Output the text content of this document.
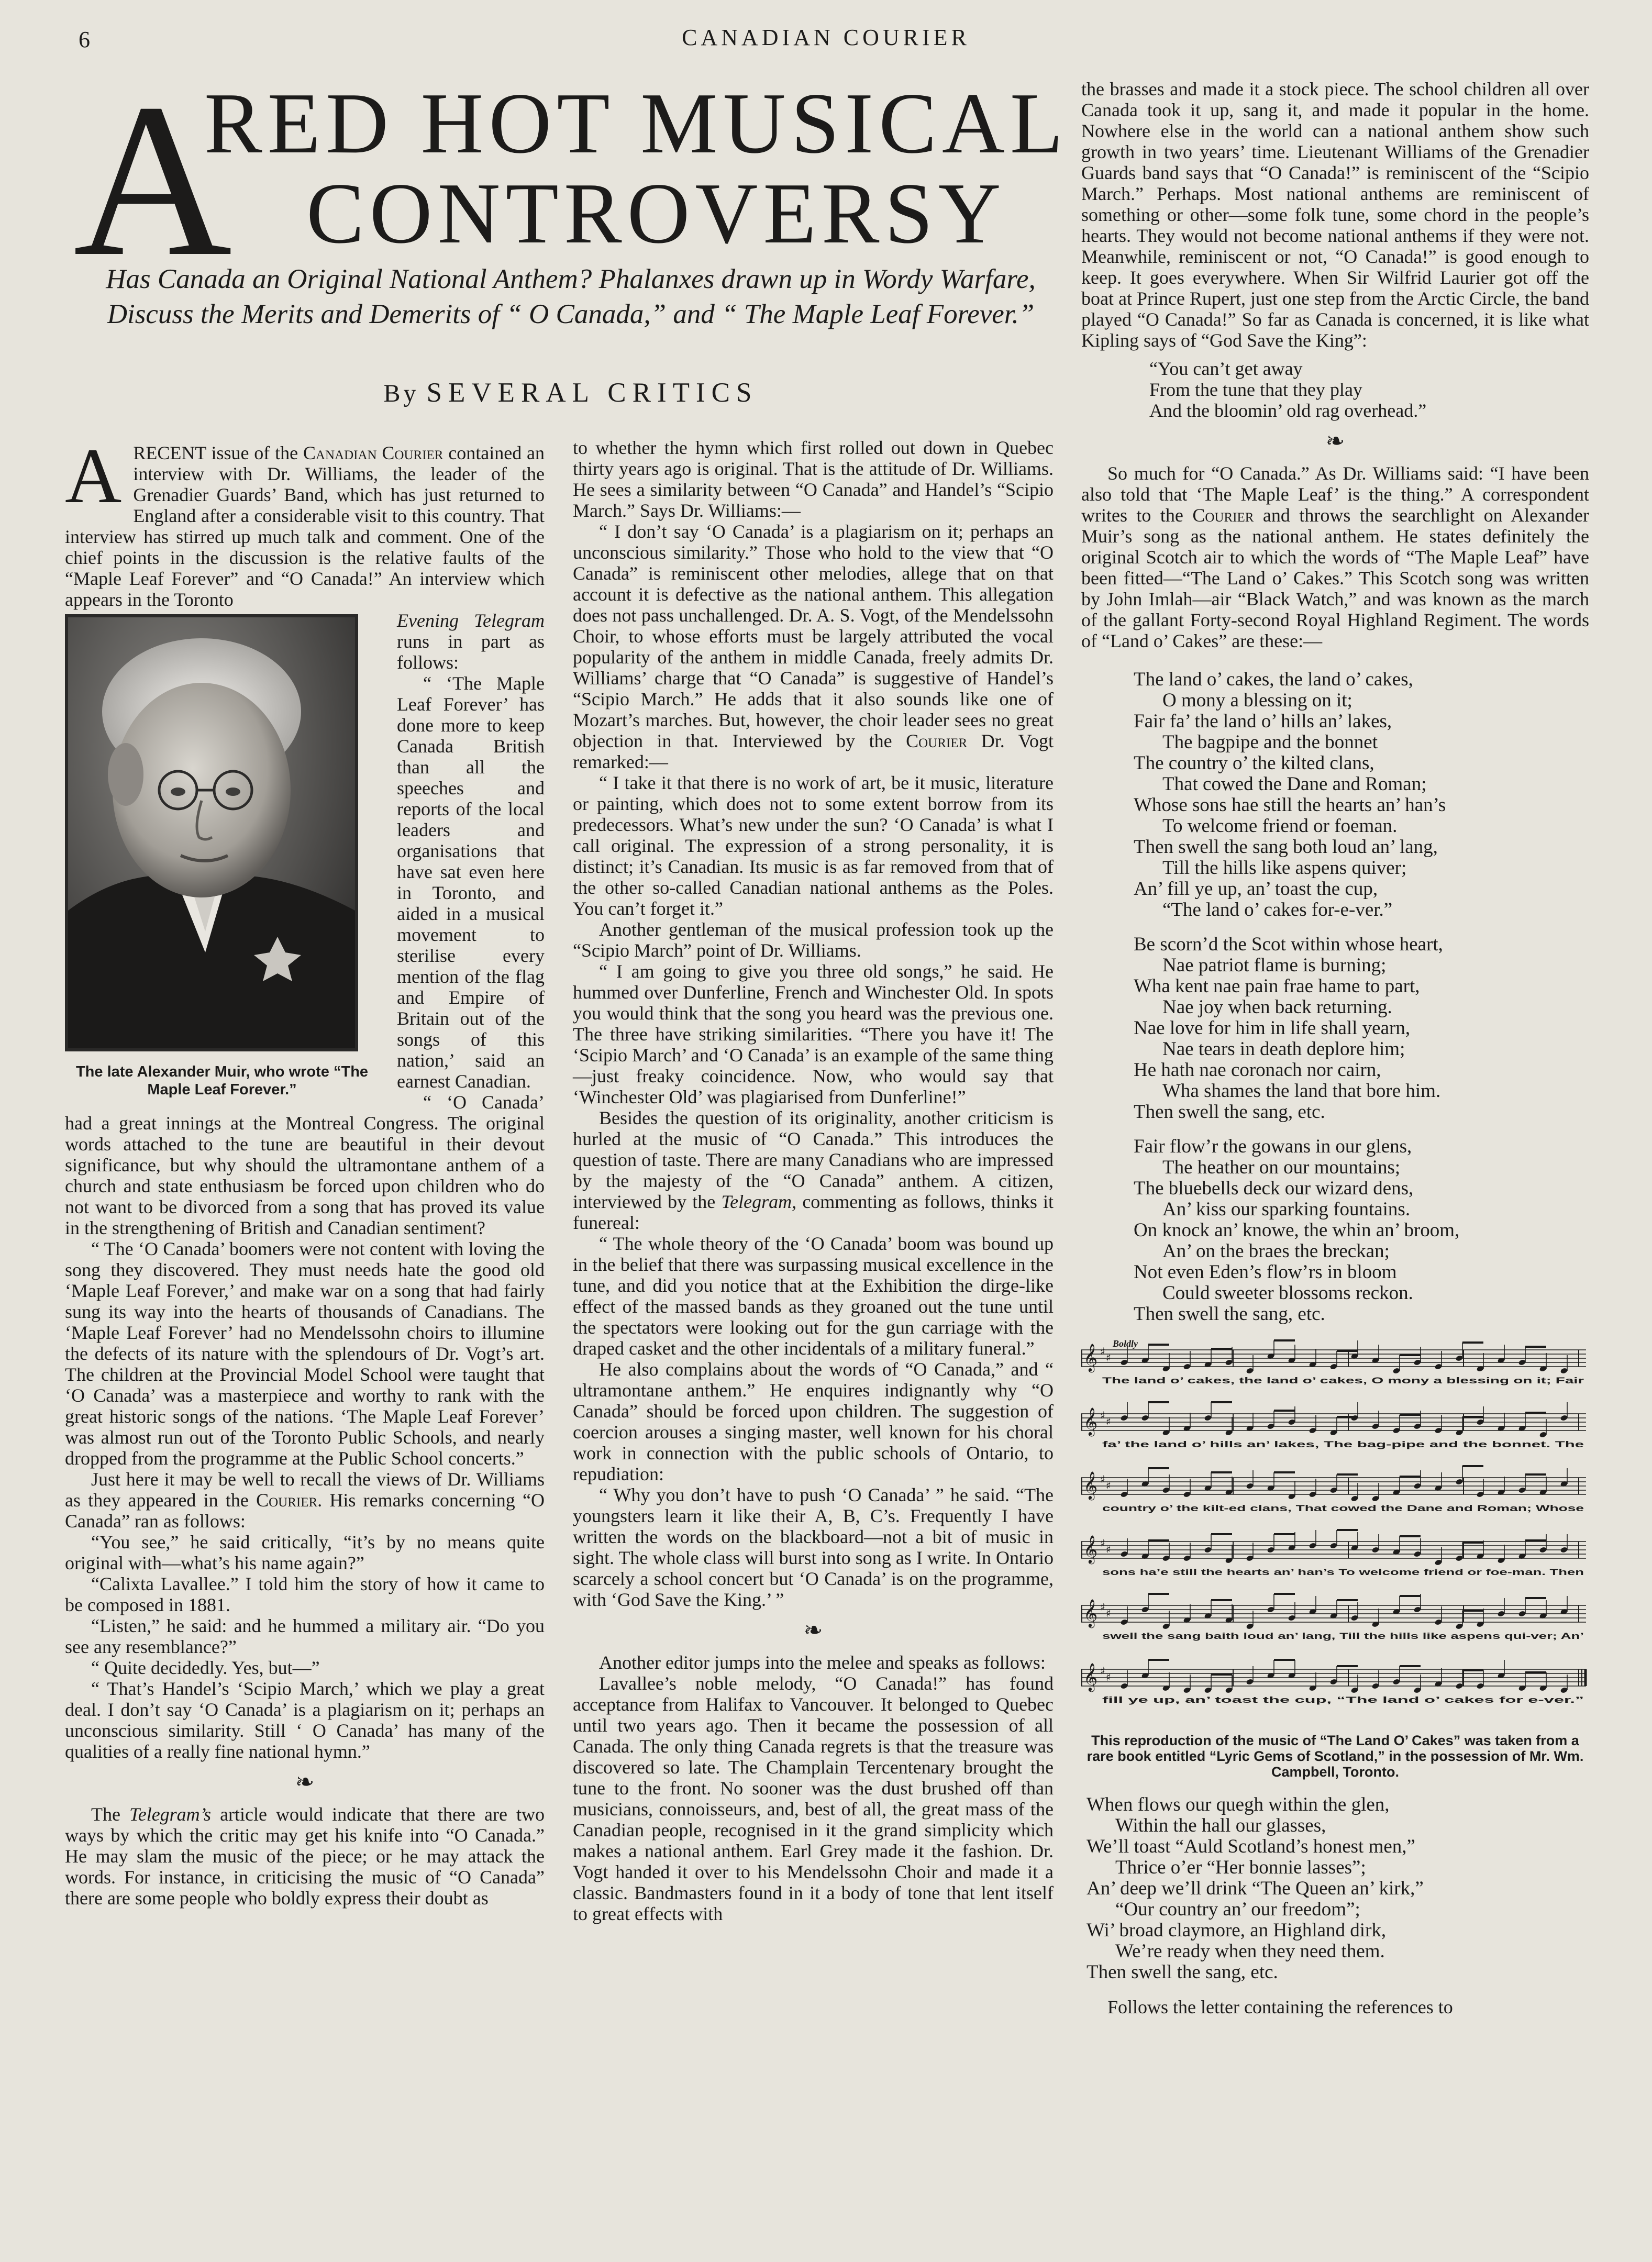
6	CANADIAN COURIER
A
RED HOT MUSICAL
CONTROVERSY
Has Canada an Original National Anthem? Phalanxes drawn up in Wordy Warfare, Discuss the Merits and Demerits of “ O Canada,” and “ The Maple Leaf Forever.”
By SEVERAL CRITICS

ARECENT issue of the Canadian Courier contained an interview with Dr. Williams, the leader of the Grenadier Guards’ Band, which has just returned to England after a considerable visit to this country. That interview has stirred up much talk and comment. One of the chief points in the discussion is the relative faults of the “Maple Leaf Forever” and “O Canada!” An interview which appears in the Toronto

The late Alexander Muir, who wrote “The Maple Leaf Forever.”

Evening Telegram runs in part as follows:

“ ‘The Maple Leaf Forever’ has done more to keep Canada British than all the speeches and reports of the local leaders and organisations that have sat even here in Toronto, and aided in a musical movement to sterilise every mention of the flag and Empire of Britain out of the songs of this nation,’ said an earnest Canadian.

“ ‘O Canada’ had a great innings at the Montreal Congress. The original words attached to the tune are beautiful in their devout significance, but why should the ultramontane anthem of a church and state enthusiasm be forced upon children who do not want to be divorced from a song that has proved its value in the strengthening of British and Canadian sentiment?

“ The ‘O Canada’ boomers were not content with loving the song they discovered. They must needs hate the good old ‘Maple Leaf Forever,’ and make war on a song that had fairly sung its way into the hearts of thousands of Canadians. The ‘Maple Leaf Forever’ had no Mendelssohn choirs to illumine the defects of its nature with the splendours of Dr. Vogt’s art. The children at the Provincial Model School were taught that ‘O Canada’ was a masterpiece and worthy to rank with the great historic songs of the nations. ‘The Maple Leaf Forever’ was almost run out of the Toronto Public Schools, and nearly dropped from the programme at the Public School concerts.”

Just here it may be well to recall the views of Dr. Williams as they appeared in the Courier. His remarks concerning “O Canada” ran as follows:

“You see,” he said critically, “it’s by no means quite original with—what’s his name again?”

“Calixta Lavallee.” I told him the story of how it came to be composed in 1881.

“Listen,” he said: and he hummed a military air. “Do you see any resemblance?”

“ Quite decidedly. Yes, but—”

“ That’s Handel’s ‘Scipio March,’ which we play a great deal. I don’t say ‘O Canada’ is a plagiarism on it; perhaps an unconscious similarity. Still ‘ O Canada’ has many of the qualities of a really fine national hymn.”

❧

The Telegram’s article would indicate that there are two ways by which the critic may get his knife into “O Canada.” He may slam the music of the piece; or he may attack the words. For instance, in criticising the music of “O Canada” there are some people who boldly express their doubt as

to whether the hymn which first rolled out down in Quebec thirty years ago is original. That is the attitude of Dr. Williams. He sees a similarity between “O Canada” and Handel’s “Scipio March.” Says Dr. Williams:—

“ I don’t say ‘O Canada’ is a plagiarism on it; perhaps an unconscious similarity.” Those who hold to the view that “O Canada” is reminiscent other melodies, allege that on that account it is defective as the national anthem. This allegation does not pass unchallenged. Dr. A. S. Vogt, of the Mendelssohn Choir, to whose efforts must be largely attributed the vocal popularity of the anthem in middle Canada, freely admits Dr. Williams’ charge that “O Canada” is suggestive of Handel’s “Scipio March.” He adds that it also sounds like one of Mozart’s marches. But, however, the choir leader sees no great objection in that. Interviewed by the Courier Dr. Vogt remarked:—

“ I take it that there is no work of art, be it music, literature or painting, which does not to some extent borrow from its predecessors. What’s new under the sun? ‘O Canada’ is what I call original. The expression of a strong personality, it is distinct; it’s Canadian. Its music is as far removed from that of the other so-called Canadian national anthems as the Poles. You can’t forget it.”

Another gentleman of the musical profession took up the “Scipio March” point of Dr. Williams.

“ I am going to give you three old songs,” he said. He hummed over Dunferline, French and Winchester Old. In spots you would think that the song you heard was the previous one. The three have striking similarities. “There you have it! The ‘Scipio March’ and ‘O Canada’ is an example of the same thing—just freaky coincidence. Now, who would say that ‘Winchester Old’ was plagiarised from Dunferline!”

Besides the question of its originality, another criticism is hurled at the music of “O Canada.” This introduces the question of taste. There are many Canadians who are impressed by the majesty of the “O Canada” anthem. A citizen, interviewed by the Telegram, commenting as follows, thinks it funereal:

“ The whole theory of the ‘O Canada’ boom was bound up in the belief that there was surpassing musical excellence in the tune, and did you notice that at the Exhibition the dirge-like effect of the massed bands as they groaned out the tune until the spectators were looking out for the gun carriage with the draped casket and the other incidentals of a military funeral.”

He also complains about the words of “O Canada,” and “ ultramontane anthem.” He enquires indignantly why “O Canada” should be forced upon children. The suggestion of coercion arouses a singing master, well known for his choral work in connection with the public schools of Ontario, to repudiation:

“ Why you don’t have to push ‘O Canada’ ” he said. “The youngsters learn it like their A, B, C’s. Frequently I have written the words on the blackboard—not a bit of music in sight. The whole class will burst into song as I write. In Ontario scarcely a school concert but ‘O Canada’ is on the programme, with ‘God Save the King.’ ”

❧

Another editor jumps into the melee and speaks as follows:

Lavallee’s noble melody, “O Canada!” has found acceptance from Halifax to Vancouver. It belonged to Quebec until two years ago. Then it became the possession of all Canada. The only thing Canada regrets is that the treasure was discovered so late. The Champlain Tercentenary brought the tune to the front. No sooner was the dust brushed off than musicians, connoisseurs, and, best of all, the great mass of the Canadian people, recognised in it the grand simplicity which makes a national anthem. Earl Grey made it the fashion. Dr. Vogt handed it over to his Mendelssohn Choir and made it a classic. Bandmasters found in it a body of tone that lent itself to great effects with

the brasses and made it a stock piece. The school children all over Canada took it up, sang it, and made it popular in the home. Nowhere else in the world can a national anthem show such growth in two years’ time. Lieutenant Williams of the Grenadier Guards band says that “O Canada!” is reminiscent of the “Scipio March.” Perhaps. Most national anthems are reminiscent of something or other—some folk tune, some chord in the people’s hearts. They would not become national anthems if they were not. Meanwhile, reminiscent or not, “O Canada!” is good enough to keep. It goes everywhere. When Sir Wilfrid Laurier got off the boat at Prince Rupert, just one step from the Arctic Circle, the band played “O Canada!” So far as Canada is concerned, it is like what Kipling says of “God Save the King”:

“You can’t get away
From the tune that they play
And the bloomin’ old rag overhead.”
❧

So much for “O Canada.” As Dr. Williams said: “I have been also told that ‘The Maple Leaf’ is the thing.” A correspondent writes to the Courier and throws the searchlight on Alexander Muir’s song as the national anthem. He states definitely the original Scotch air to which the words of “The Maple Leaf” have been fitted—“The Land o’ Cakes.” This Scotch song was written by John Imlah—air “Black Watch,” and was known as the march of the gallant Forty-second Royal Highland Regiment. The words of “Land o’ Cakes” are these:—

The land o’ cakes, the land o’ cakes,
O mony a blessing on it;
Fair fa’ the land o’ hills an’ lakes,
The bagpipe and the bonnet
The country o’ the kilted clans,
That cowed the Dane and Roman;
Whose sons hae still the hearts an’ han’s
To welcome friend or foeman.
Then swell the sang both loud an’ lang,
Till the hills like aspens quiver;
An’ fill ye up, an’ toast the cup,
“The land o’ cakes for-e-ver.”
Be scorn’d the Scot within whose heart,
Nae patriot flame is burning;
Wha kent nae pain frae hame to part,
Nae joy when back returning.
Nae love for him in life shall yearn,
Nae tears in death deplore him;
He hath nae coronach nor cairn,
Wha shames the land that bore him.
Then swell the sang, etc.
Fair flow’r the gowans in our glens,
The heather on our mountains;
The bluebells deck our wizard dens,
An’ kiss our sparking fountains.
On knock an’ knowe, the whin an’ broom,
An’ on the braes the breckan;
Not even Eden’s flow’rs in bloom
Could sweeter blossoms reckon.
Then swell the sang, etc.
Boldly
𝄞 ♯ ♯
The land o’ cakes, the land o’ cakes, O mony a blessing on it; Fair
𝄞 ♯ ♯
fa’ the land o’ hills an’ lakes, The bag-pipe and the bonnet. The
𝄞 ♯ ♯
country o’ the kilt-ed clans, That cowed the Dane and Roman; Whose
𝄞 ♯ ♯
sons ha’e still the hearts an’ han’s To welcome friend or foe-man. Then
𝄞 ♯ ♯
swell the sang baith loud an’ lang, Till the hills like aspens qui-ver; An’
𝄞 ♯ ♯
fill ye up, an’ toast the cup, “The land o’ cakes for e-ver.”
This reproduction of the music of “The Land O’ Cakes” was taken from a rare book entitled “Lyric Gems of Scotland,” in the possession of Mr. Wm. Campbell, Toronto.
When flows our quegh within the glen,
Within the hall our glasses,
We’ll toast “Auld Scotland’s honest men,”
Thrice o’er “Her bonnie lasses”;
An’ deep we’ll drink “The Queen an’ kirk,”
“Our country an’ our freedom”;
Wi’ broad claymore, an Highland dirk,
We’re ready when they need them.
Then swell the sang, etc.

Follows the letter containing the references to
